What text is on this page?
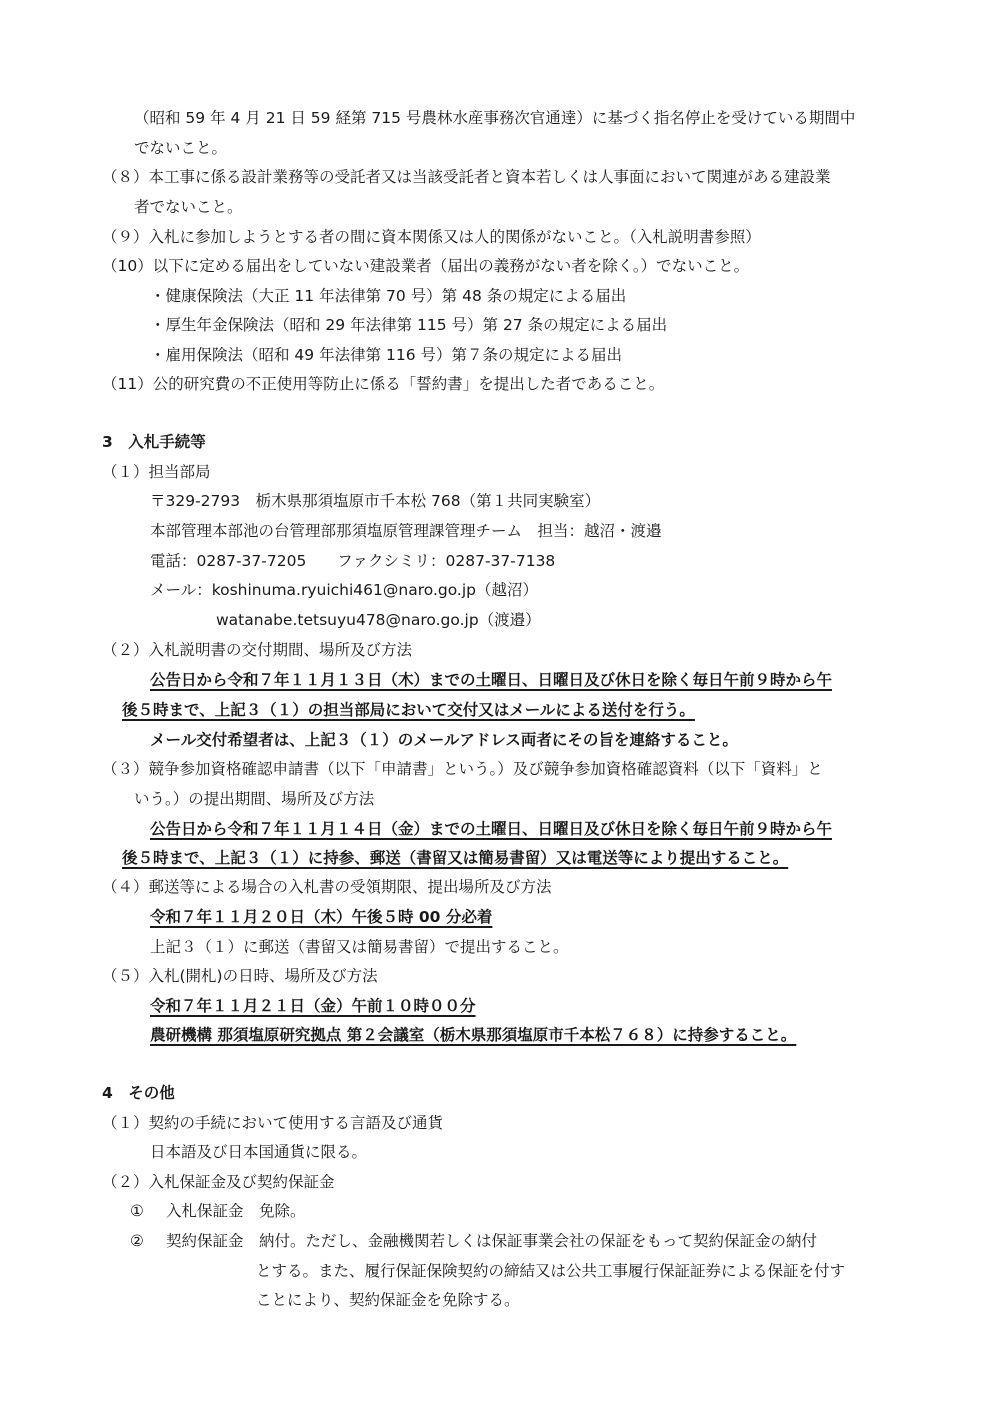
（昭和 59 年 4 月 21 日 59 経第 715 号農林水産事務次官通達）に基づく指名停止を受けている期間中
でないこと。
（８）本工事に係る設計業務等の受託者又は当該受託者と資本若しくは人事面において関連がある建設業
者でないこと。
（９）入札に参加しようとする者の間に資本関係又は人的関係がないこと。（入札説明書参照）
（10）以下に定める届出をしていない建設業者（届出の義務がない者を除く。）でないこと。
・健康保険法（大正 11 年法律第 70 号）第 48 条の規定による届出
・厚生年金保険法（昭和 29 年法律第 115 号）第 27 条の規定による届出
・雇用保険法（昭和 49 年法律第 116 号）第７条の規定による届出
（11）公的研究費の不正使用等防止に係る「誓約書」を提出した者であること。
3　入札手続等
（１）担当部局
〒329-2793　栃木県那須塩原市千本松 768（第１共同実験室）
本部管理本部池の台管理部那須塩原管理課管理チーム　担当：越沼・渡邉
電話：0287-37-7205　　ファクシミリ：0287-37-7138
メール：koshinuma.ryuichi461@naro.go.jp（越沼）
watanabe.tetsuyu478@naro.go.jp（渡邉）
（２）入札説明書の交付期間、場所及び方法
公告日から令和７年１１月１３日（木）までの土曜日、日曜日及び休日を除く毎日午前９時から午
後５時まで、上記３（１）の担当部局において交付又はメールによる送付を行う。
メール交付希望者は、上記３（１）のメールアドレス両者にその旨を連絡すること。
（３）競争参加資格確認申請書（以下「申請書」という。）及び競争参加資格確認資料（以下「資料」と
いう。）の提出期間、場所及び方法
公告日から令和７年１１月１４日（金）までの土曜日、日曜日及び休日を除く毎日午前９時から午
後５時まで、上記３（１）に持参、郵送（書留又は簡易書留）又は電送等により提出すること。
（４）郵送等による場合の入札書の受領期限、提出場所及び方法
令和７年１１月２０日（木）午後５時 00 分必着
上記３（１）に郵送（書留又は簡易書留）で提出すること。
（５）入札(開札)の日時、場所及び方法
令和７年１１月２１日（金）午前１０時００分
農研機構 那須塩原研究拠点 第２会議室（栃木県那須塩原市千本松７６８）に持参すること。
4　その他
（１）契約の手続において使用する言語及び通貨
日本語及び日本国通貨に限る。
（２）入札保証金及び契約保証金
① 入札保証金　免除。
② 契約保証金　納付。ただし、金融機関若しくは保証事業会社の保証をもって契約保証金の納付
とする。また、履行保証保険契約の締結又は公共工事履行保証証券による保証を付す
ことにより、契約保証金を免除する。
